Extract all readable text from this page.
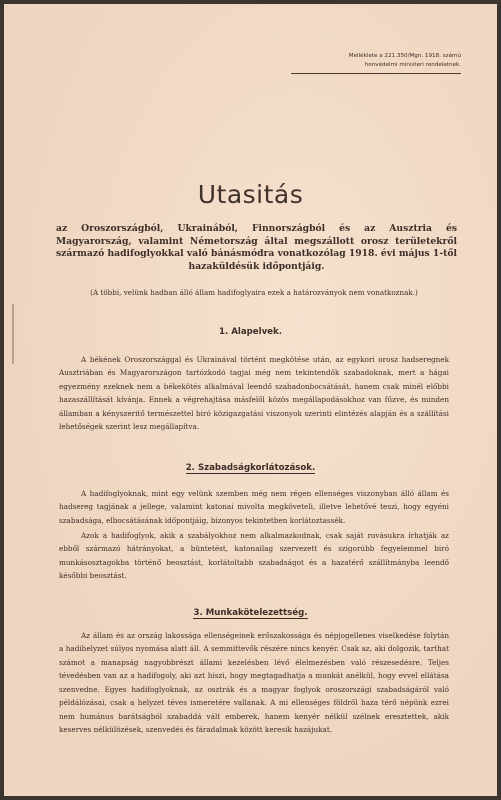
Melléklete a 221.350/Mgn. 1918. számú
honvédelmi ministeri rendeletnek.
Utasitás
az Oroszországból, Ukrainából, Finnországból és az Ausztria és Magyarország, valamint Németország által megszállott orosz területekről származó hadifoglyokkal való bánásmódra vonatkozólag 1918. évi május 1-től hazaküldésük időpontjáig.
(A többi, velünk hadban álló állam hadifoglyaira ezek a határozványok nem vonatkoznak.)
1. Alapelvek.
A békének Oroszországgal és Ukrainával történt megkötése után, az egykori orosz hadseregnek Ausztriában és Magyarországon tartózkodó tagjai még nem tekintendők szabadoknak, mert a hágai egyezmény ezeknek nem a békekötés alkalmával leendő szabadonbocsátását, hanem csak minél előbbi hazaszállítását kívánja. Ennek a végrehajtása másfelől közös megállapodásokhoz van fűzve, és minden államban a kényszeritő természettel biró közigazgatási viszonyok szerinti elintézés alapján és a szállítási lehetőségek szerint lesz megállapítva.
2. Szabadságkorlátozások.
A hadifoglyoknak, mint egy velünk szemben még nem régen ellenséges viszonyban álló állam és hadsereg tagjának a jellege, valamint katonai mivolta megköveteli, illetve lehetővé teszi, hogy egyéni szabadsága, elbocsátásának időpontjáig, bizonyos tekintetben korlátoztassék.
Azok a hadifoglyok, akik a szabályokhoz nem alkalmazkodnak, csak saját rovásukra írhatják az ebből származó hátrányokat, a büntetést, katonailag szervezett és szigorúbb fegyelemmel biró munkásosztagokba történő beosztást, korlátoltabb szabadságot és a hazatérő szállítmányba leendő későbbi beosztást.
3. Munkakötelezettség.
Az állam és az ország lakossága ellenségeinek erőszakossága és népjogellenes viselkedése folytán a hadihelyzet súlyos nyomása alatt áll. A semmittevők részére nincs kenyér. Csak az, aki dolgozik, tarthat számot a manapság nagyobbrészt állami kezelésben lévő élelmezésben való részesedésre. Teljes tévedésben van az a hadifogoly, aki azt hiszi, hogy megtagadhatja a munkát anélkül, hogy evvel ellátása szenvedne. Egyes hadifoglyoknak, az osztrák és a magyar foglyok oroszországi szabadságáról való példálózásai, csak a helyzet téves ismeretére vallanak. A mi ellenséges földről haza térő népünk ezrei nem humánus barátságból szabaddá vált emberek, hanem kenyér nélkül szélnek eresztettek, akik keserves nélkülözések, szenvedés és fáradalmak között keresik hazájukat.
